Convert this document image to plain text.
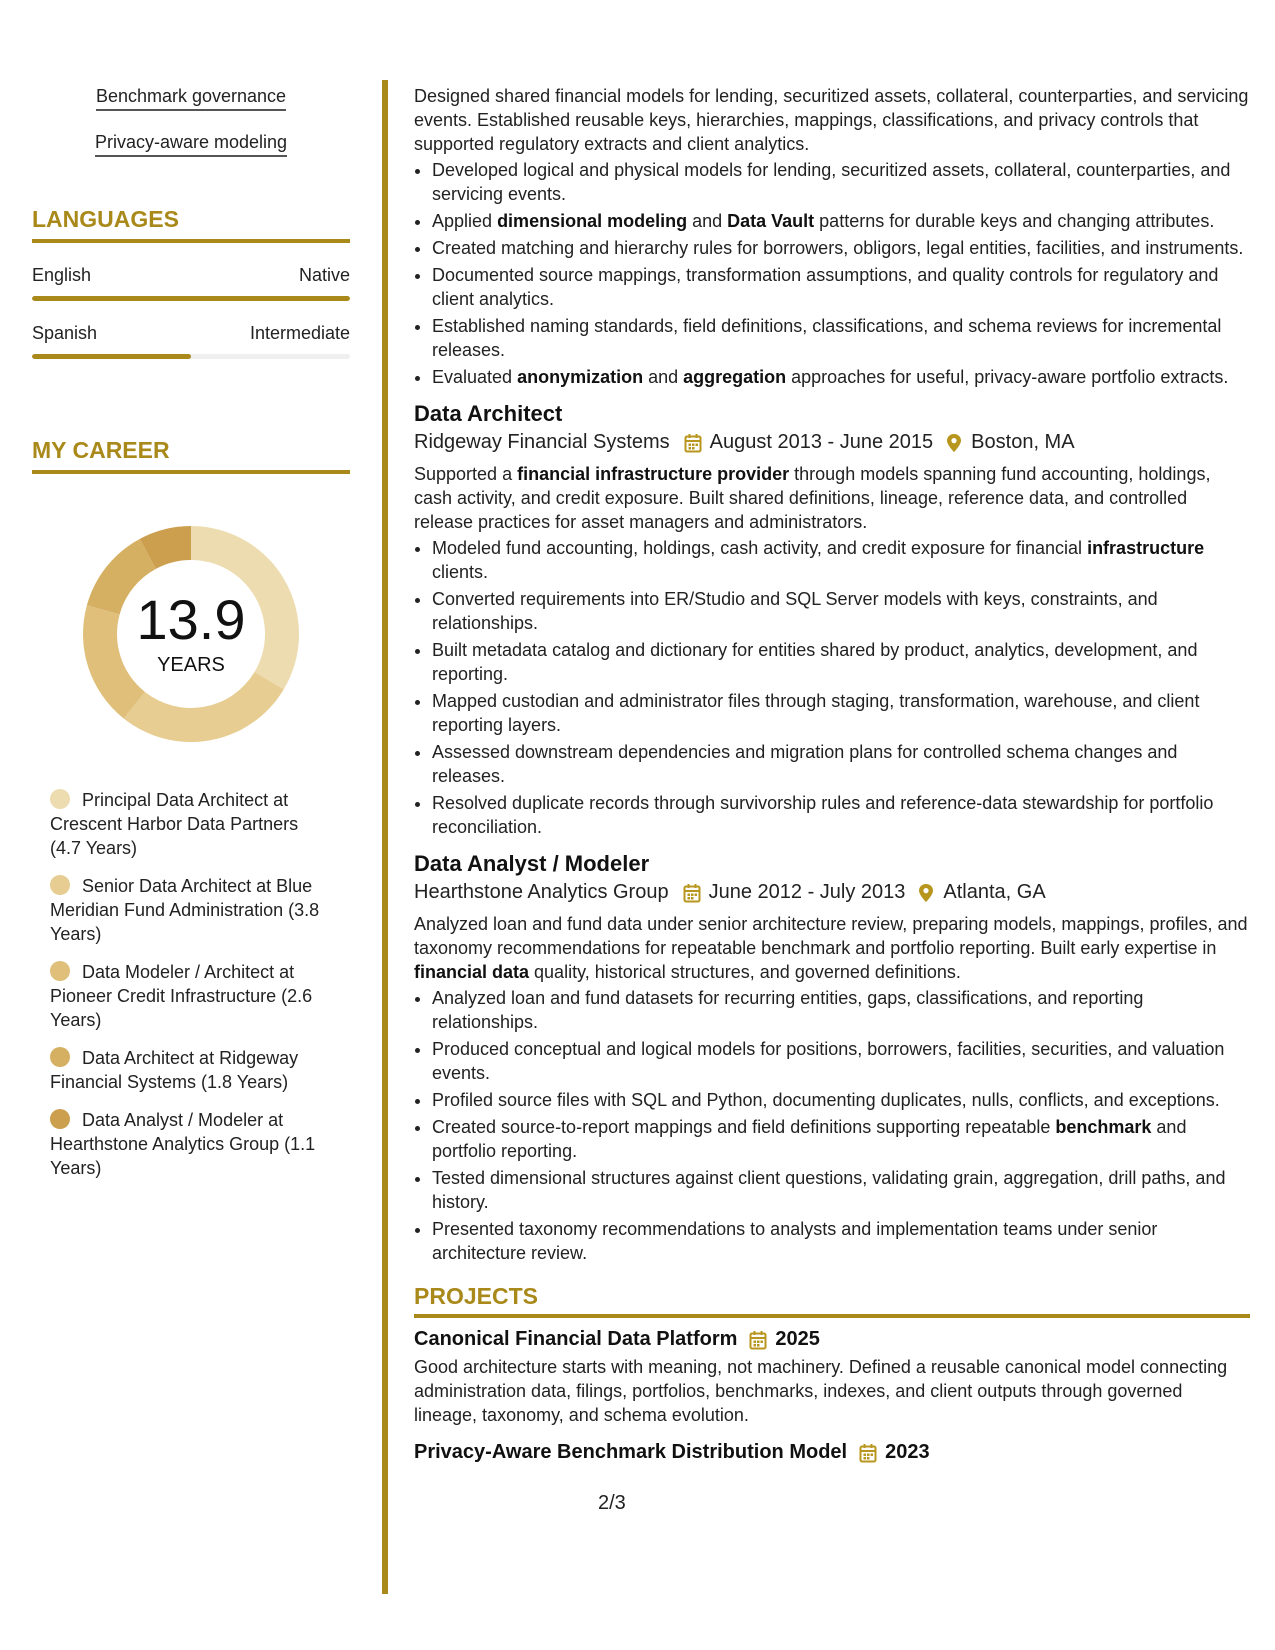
Benchmark governance
Privacy-aware modeling
LANGUAGES
English	Native
Spanish	Intermediate
MY CAREER
13.9
YEARS
Principal Data Architect at Crescent Harbor Data Partners (4.7 Years)
Senior Data Architect at Blue Meridian Fund Administration (3.8 Years)
Data Modeler / Architect at Pioneer Credit Infrastructure (2.6 Years)
Data Architect at Ridgeway Financial Systems (1.8 Years)
Data Analyst / Modeler at Hearthstone Analytics Group (1.1 Years)

Designed shared financial models for lending, securitized assets, collateral, counterparties, and servicing events. Established reusable keys, hierarchies, mappings, classifications, and privacy controls that supported regulatory extracts and client analytics.

• Developed logical and physical models for lending, securitized assets, collateral, counterparties, and servicing events.
• Applied dimensional modeling and Data Vault patterns for durable keys and changing attributes.
• Created matching and hierarchy rules for borrowers, obligors, legal entities, facilities, and instruments.
• Documented source mappings, transformation assumptions, and quality controls for regulatory and client analytics.
• Established naming standards, field definitions, classifications, and schema reviews for incremental releases.
• Evaluated anonymization and aggregation approaches for useful, privacy-aware portfolio extracts.
Data Architect
Ridgeway Financial Systems August 2013 - June 2015 Boston, MA

Supported a financial infrastructure provider through models spanning fund accounting, holdings, cash activity, and credit exposure. Built shared definitions, lineage, reference data, and controlled release practices for asset managers and administrators.

• Modeled fund accounting, holdings, cash activity, and credit exposure for financial infrastructure clients.
• Converted requirements into ER/Studio and SQL Server models with keys, constraints, and relationships.
• Built metadata catalog and dictionary for entities shared by product, analytics, development, and reporting.
• Mapped custodian and administrator files through staging, transformation, warehouse, and client reporting layers.
• Assessed downstream dependencies and migration plans for controlled schema changes and releases.
• Resolved duplicate records through survivorship rules and reference-data stewardship for portfolio reconciliation.
Data Analyst / Modeler
Hearthstone Analytics Group June 2012 - July 2013 Atlanta, GA

Analyzed loan and fund data under senior architecture review, preparing models, mappings, profiles, and taxonomy recommendations for repeatable benchmark and portfolio reporting. Built early expertise in financial data quality, historical structures, and governed definitions.

• Analyzed loan and fund datasets for recurring entities, gaps, classifications, and reporting relationships.
• Produced conceptual and logical models for positions, borrowers, facilities, securities, and valuation events.
• Profiled source files with SQL and Python, documenting duplicates, nulls, conflicts, and exceptions.
• Created source-to-report mappings and field definitions supporting repeatable benchmark and portfolio reporting.
• Tested dimensional structures against client questions, validating grain, aggregation, drill paths, and history.
• Presented taxonomy recommendations to analysts and implementation teams under senior architecture review.
PROJECTS
Canonical Financial Data Platform 2025

Good architecture starts with meaning, not machinery. Defined a reusable canonical model connecting administration data, filings, portfolios, benchmarks, indexes, and client outputs through governed lineage, taxonomy, and schema evolution.

Privacy-Aware Benchmark Distribution Model 2023
2/3
